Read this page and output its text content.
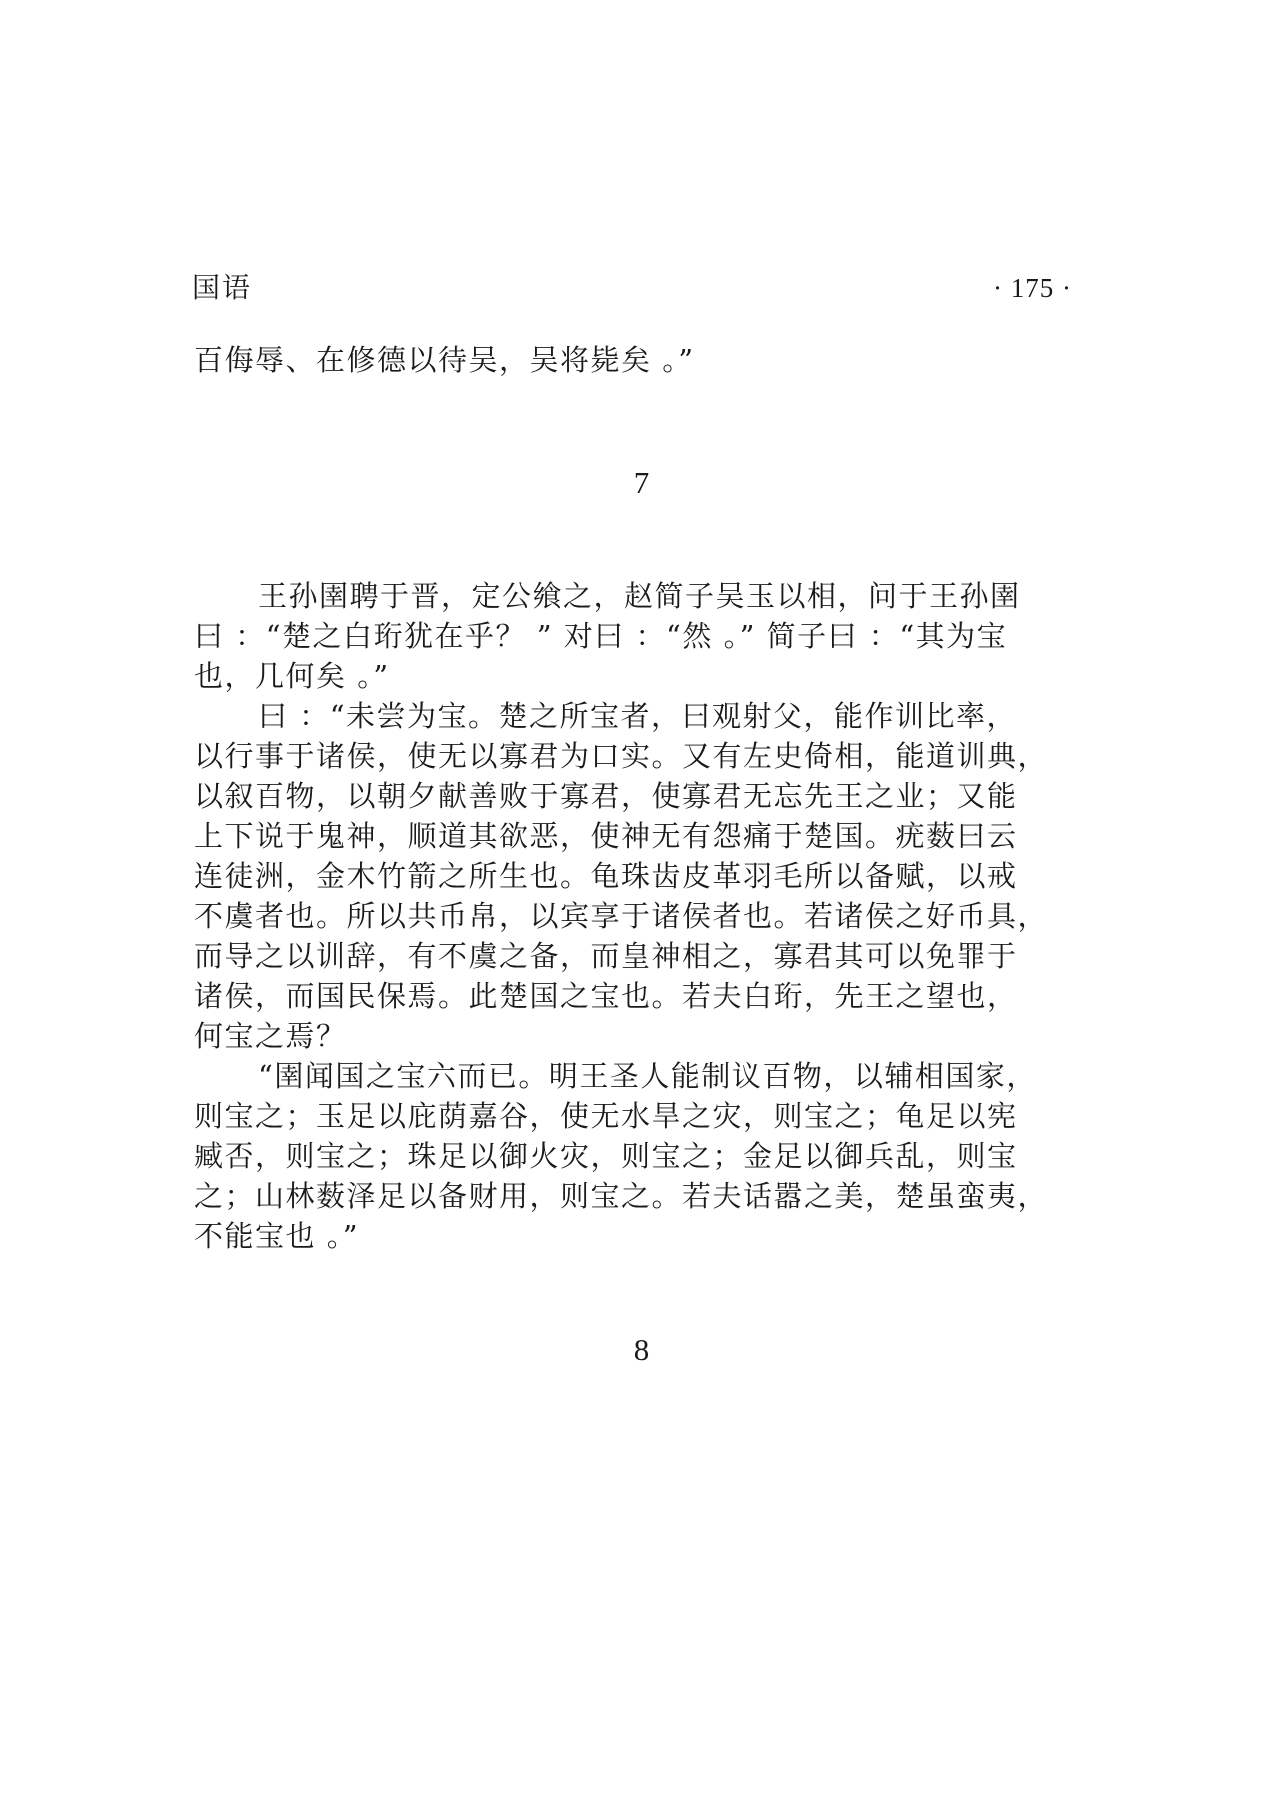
国语	· 175 ·
百侮辱、在修德以待吴，吴将毙矣 。”
7
王孙圉聘于晋，定公飨之，赵简子吴玉以相，问于王孙圉
曰 ：“楚之白珩犹在乎？ ” 对曰 ：“然 。” 简子曰 ：“其为宝
也，几何矣 。”
曰 ：“未尝为宝。楚之所宝者，曰观射父，能作训比率，
以行事于诸侯，使无以寡君为口实。又有左史倚相，能道训典，
以叙百物，以朝夕献善败于寡君，使寡君无忘先王之业；又能
上下说于鬼神，顺道其欲恶，使神无有怨痛于楚国。疣薮曰云
连徒洲，金木竹箭之所生也。龟珠齿皮革羽毛所以备赋，以戒
不虞者也。所以共币帛，以宾享于诸侯者也。若诸侯之好币具，
而导之以训辞，有不虞之备，而皇神相之，寡君其可以免罪于
诸侯，而国民保焉。此楚国之宝也。若夫白珩，先王之望也，
何宝之焉？
“圉闻国之宝六而已。明王圣人能制议百物，以辅相国家，
则宝之；玉足以庇荫嘉谷，使无水旱之灾，则宝之；龟足以宪
臧否，则宝之；珠足以御火灾，则宝之；金足以御兵乱，则宝
之；山林薮泽足以备财用，则宝之。若夫话嚣之美，楚虽蛮夷，
不能宝也 。”
8
